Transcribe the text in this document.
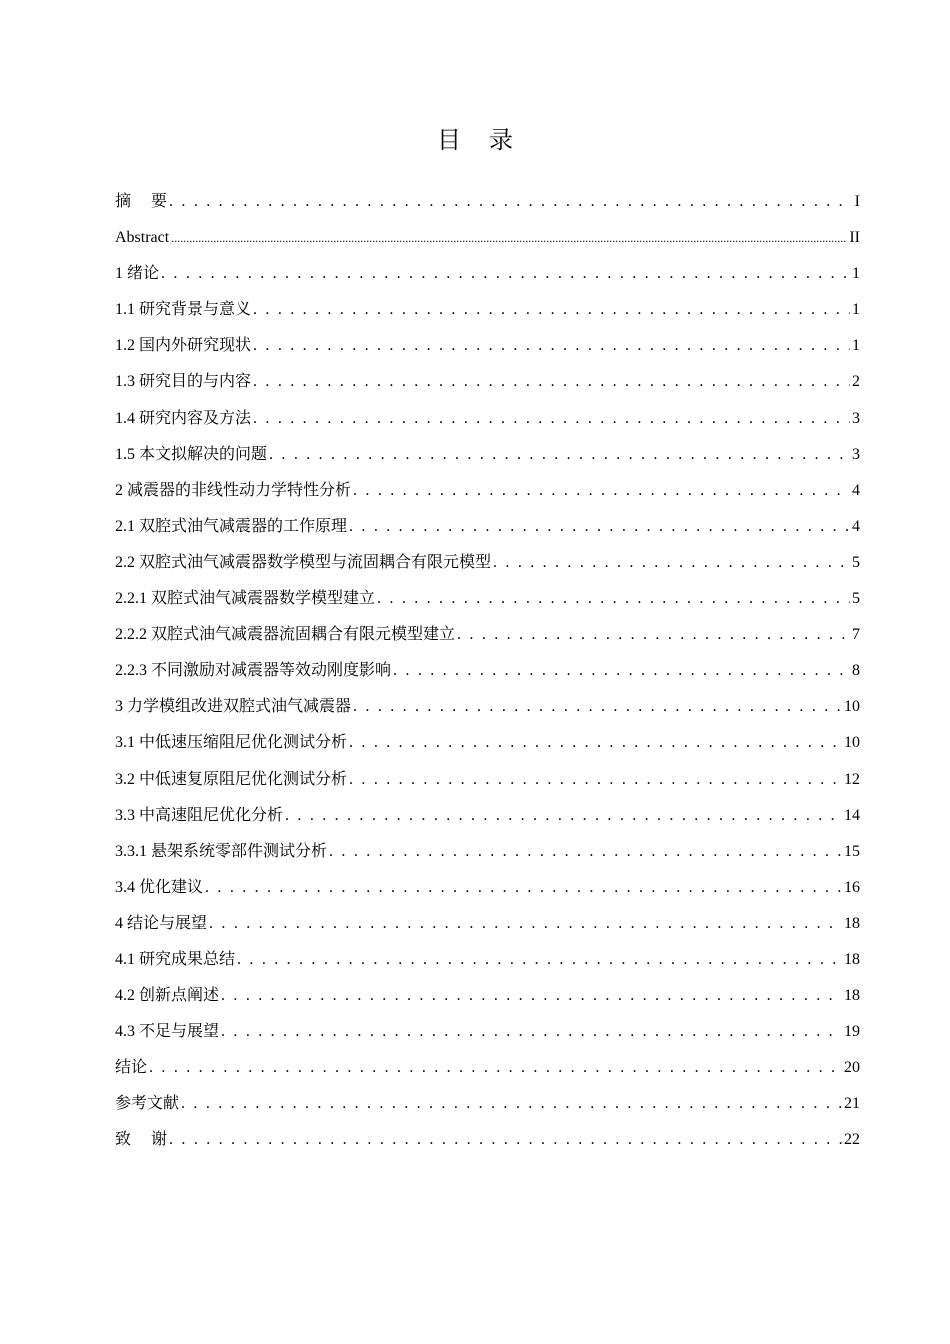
目 录
摘　 要 . . .	I
Abstract .....	II
1 绪论 . . .	1
1.1 研究背景与意义 . . .	1
1.2 国内外研究现状 . . .	1
1.3 研究目的与内容 . . .	2
1.4 研究内容及方法 . . .	3
1.5 本文拟解决的问题 . . .	3
2 减震器的非线性动力学特性分析 . . .	4
2.1 双腔式油气减震器的工作原理 . . .	4
2.2 双腔式油气减震器数学模型与流固耦合有限元模型 . . .	5
2.2.1 双腔式油气减震器数学模型建立 . . .	5
2.2.2 双腔式油气减震器流固耦合有限元模型建立 . . .	7
2.2.3 不同激励对减震器等效动刚度影响 . . .	8
3 力学模组改进双腔式油气减震器 . . .	10
3.1 中低速压缩阻尼优化测试分析 . . .	10
3.2 中低速复原阻尼优化测试分析 . . .	12
3.3 中高速阻尼优化分析 . . .	14
3.3.1 悬架系统零部件测试分析 . . .	15
3.4 优化建议 . . .	16
4 结论与展望 . . .	18
4.1 研究成果总结 . . .	18
4.2 创新点阐述 . . .	18
4.3 不足与展望 . . .	19
结论 . . .	20
参考文献 . . .	21
致　 谢 . . .	22
